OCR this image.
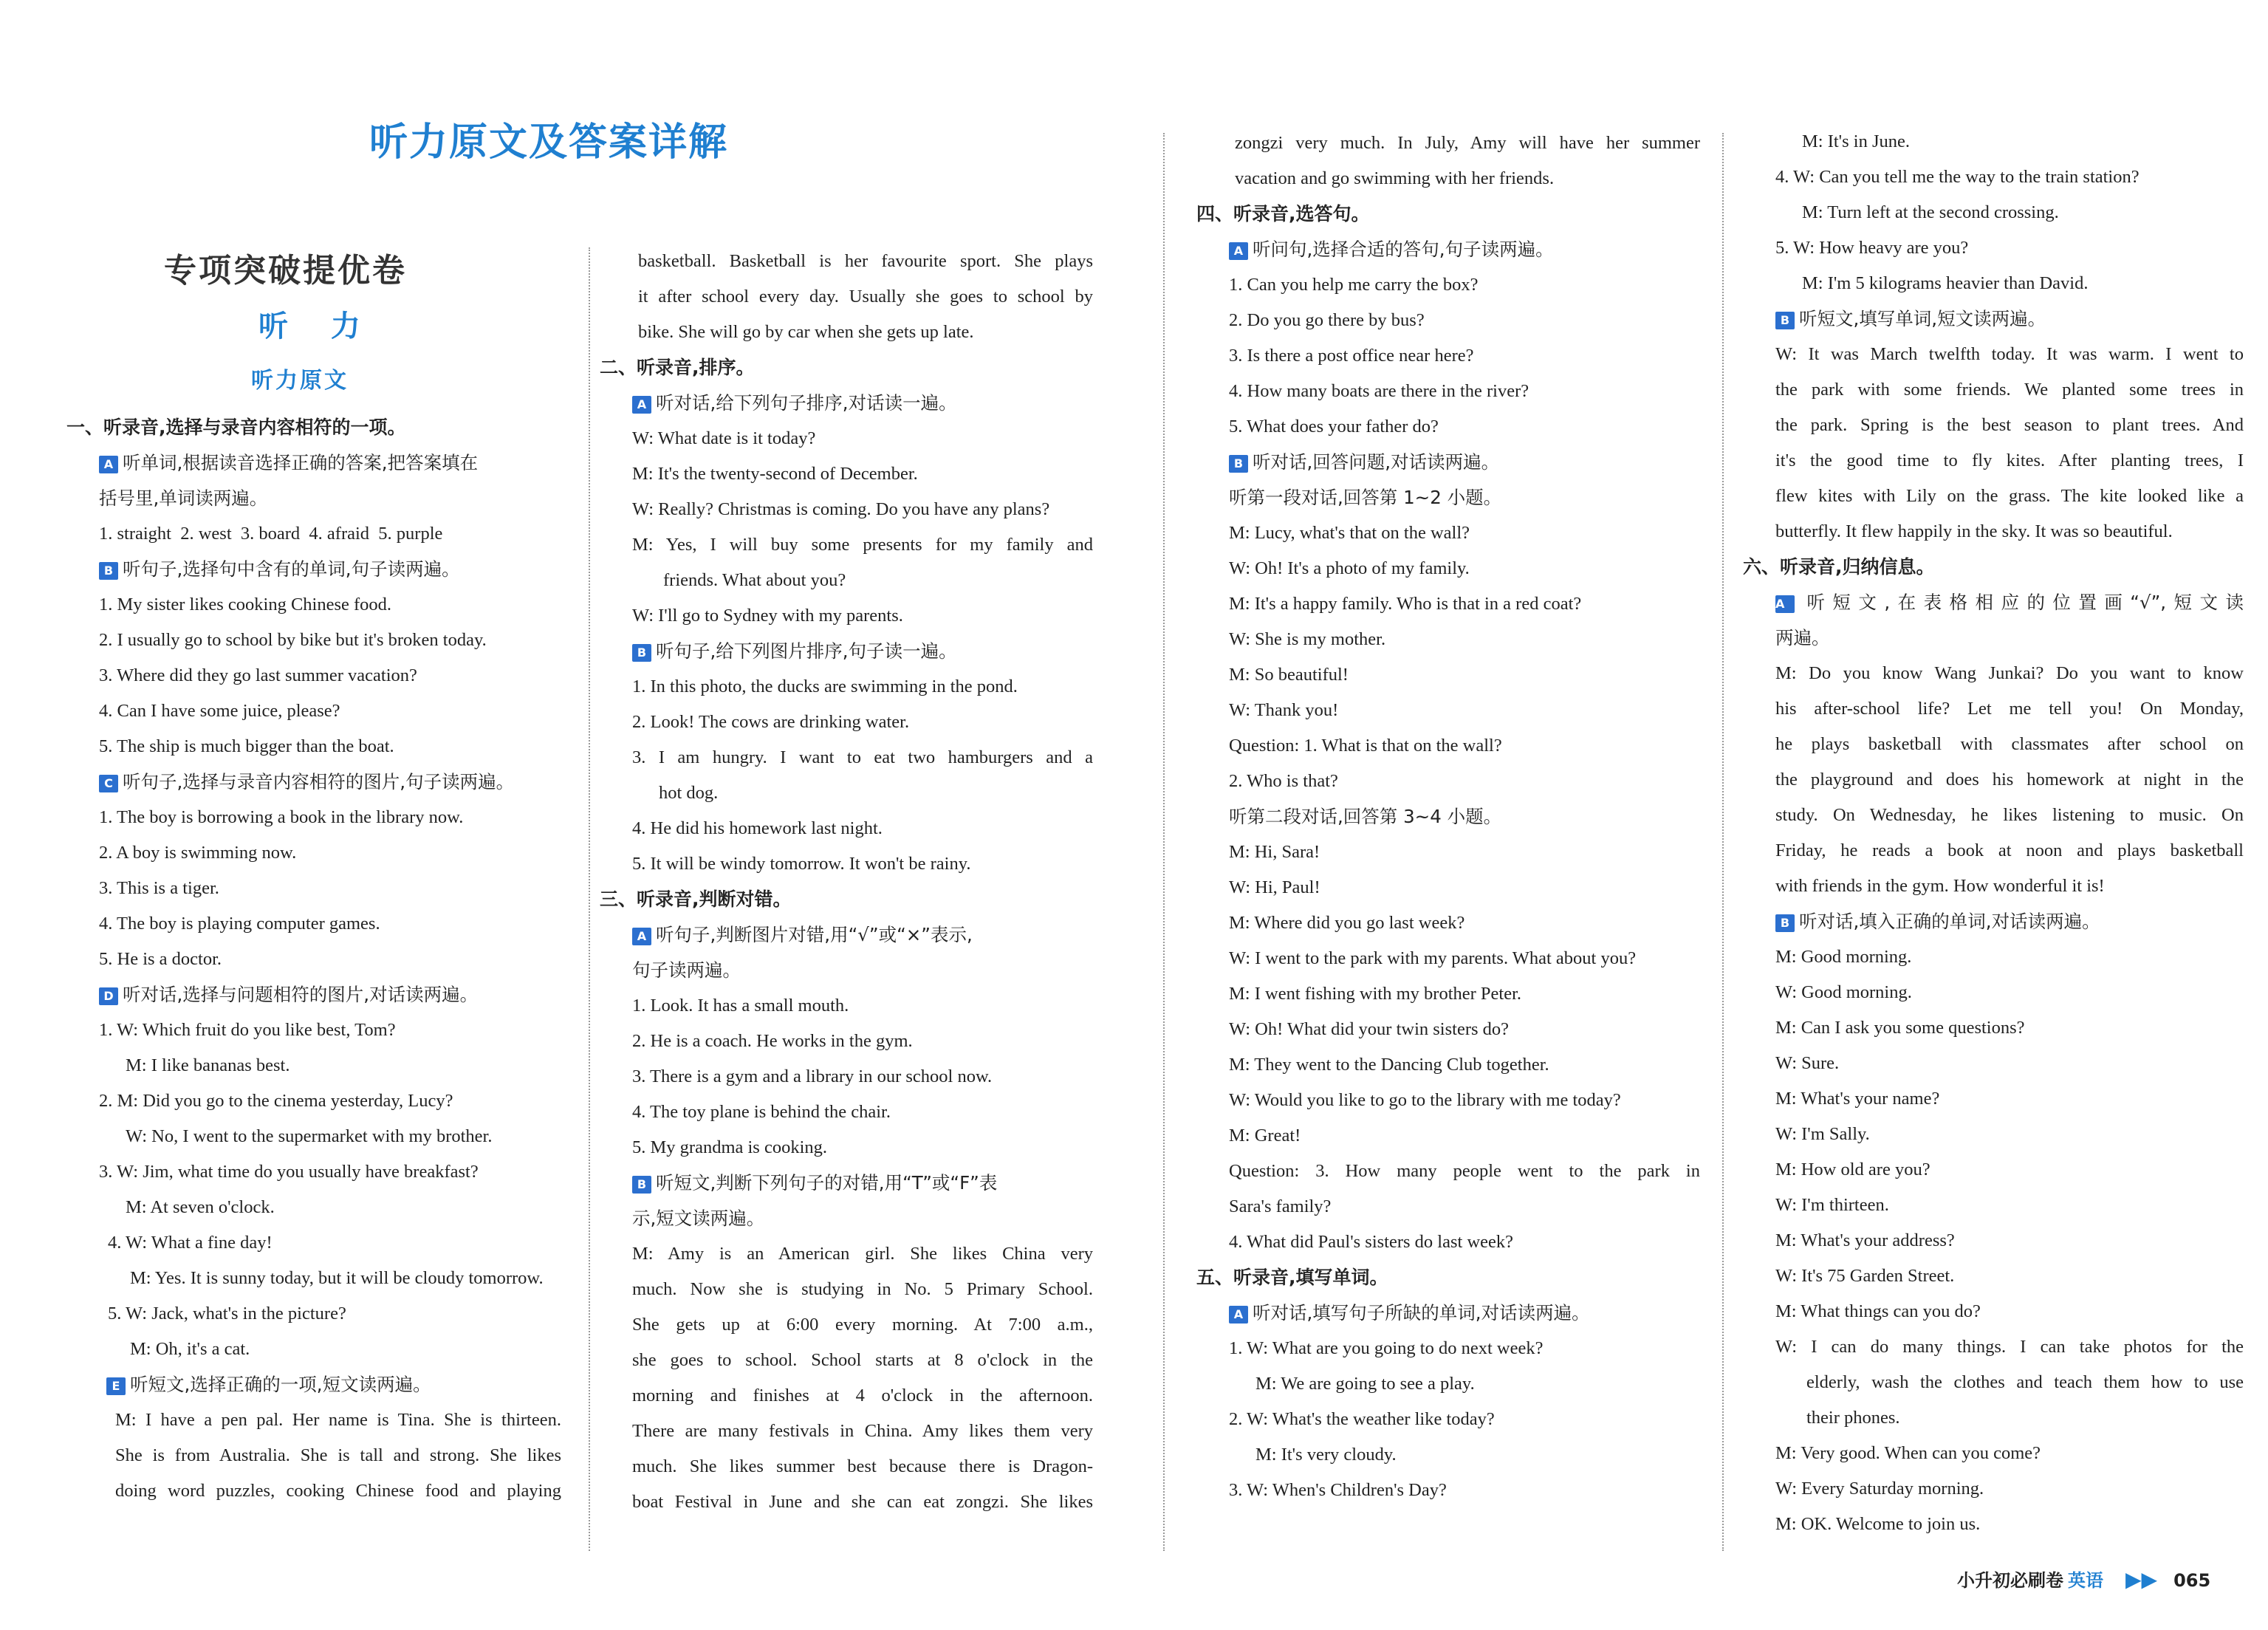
听力原文及答案详解
专项突破提优卷
听 力
听力原文
一、听录音,选择与录音内容相符的一项。
A 听单词,根据读音选择正确的答案,把答案填在
括号里,单词读两遍。
1. straight  2. west  3. board  4. afraid  5. purple
B 听句子,选择句中含有的单词,句子读两遍。
1. My sister likes cooking Chinese food.
2. I usually go to school by bike but it's broken today.
3. Where did they go last summer vacation?
4. Can I have some juice, please?
5. The ship is much bigger than the boat.
C 听句子,选择与录音内容相符的图片,句子读两遍。
1. The boy is borrowing a book in the library now.
2. A boy is swimming now.
3. This is a tiger.
4. The boy is playing computer games.
5. He is a doctor.
D 听对话,选择与问题相符的图片,对话读两遍。
1. W: Which fruit do you like best, Tom?
M: I like bananas best.
2. M: Did you go to the cinema yesterday, Lucy?
W: No, I went to the supermarket with my brother.
3. W: Jim, what time do you usually have breakfast?
M: At seven o'clock.
4. W: What a fine day!
M: Yes. It is sunny today, but it will be cloudy tomorrow.
5. W: Jack, what's in the picture?
M: Oh, it's a cat.
E 听短文,选择正确的一项,短文读两遍。
M: I have a pen pal. Her name is Tina. She is thirteen.
She is from Australia. She is tall and strong. She likes
doing word puzzles, cooking Chinese food and playing
basketball. Basketball is her favourite sport. She plays
it after school every day. Usually she goes to school by
bike. She will go by car when she gets up late.
二、听录音,排序。
A 听对话,给下列句子排序,对话读一遍。
W: What date is it today?
M: It's the twenty-second of December.
W: Really? Christmas is coming. Do you have any plans?
M: Yes, I will buy some presents for my family and
friends. What about you?
W: I'll go to Sydney with my parents.
B 听句子,给下列图片排序,句子读一遍。
1. In this photo, the ducks are swimming in the pond.
2. Look! The cows are drinking water.
3. I am hungry. I want to eat two hamburgers and a
hot dog.
4. He did his homework last night.
5. It will be windy tomorrow. It won't be rainy.
三、听录音,判断对错。
A 听句子,判断图片对错,用“√”或“×”表示,
句子读两遍。
1. Look. It has a small mouth.
2. He is a coach. He works in the gym.
3. There is a gym and a library in our school now.
4. The toy plane is behind the chair.
5. My grandma is cooking.
B 听短文,判断下列句子的对错,用“T”或“F”表
示,短文读两遍。
M: Amy is an American girl. She likes China very
much. Now she is studying in No. 5 Primary School.
She gets up at 6:00 every morning. At 7:00 a.m.,
she goes to school. School starts at 8 o'clock in the
morning and finishes at 4 o'clock in the afternoon.
There are many festivals in China. Amy likes them very
much. She likes summer best because there is Dragon-
boat Festival in June and she can eat zongzi. She likes
zongzi very much. In July, Amy will have her summer
vacation and go swimming with her friends.
四、听录音,选答句。
A 听问句,选择合适的答句,句子读两遍。
1. Can you help me carry the box?
2. Do you go there by bus?
3. Is there a post office near here?
4. How many boats are there in the river?
5. What does your father do?
B 听对话,回答问题,对话读两遍。
听第一段对话,回答第 1~2 小题。
M: Lucy, what's that on the wall?
W: Oh! It's a photo of my family.
M: It's a happy family. Who is that in a red coat?
W: She is my mother.
M: So beautiful!
W: Thank you!
Question: 1. What is that on the wall?
2. Who is that?
听第二段对话,回答第 3~4 小题。
M: Hi, Sara!
W: Hi, Paul!
M: Where did you go last week?
W: I went to the park with my parents. What about you?
M: I went fishing with my brother Peter.
W: Oh! What did your twin sisters do?
M: They went to the Dancing Club together.
W: Would you like to go to the library with me today?
M: Great!
Question: 3. How many people went to the park in
Sara's family?
4. What did Paul's sisters do last week?
五、听录音,填写单词。
A 听对话,填写句子所缺的单词,对话读两遍。
1. W: What are you going to do next week?
M: We are going to see a play.
2. W: What's the weather like today?
M: It's very cloudy.
3. W: When's Children's Day?
M: It's in June.
4. W: Can you tell me the way to the train station?
M: Turn left at the second crossing.
5. W: How heavy are you?
M: I'm 5 kilograms heavier than David.
B 听短文,填写单词,短文读两遍。
W: It was March twelfth today. It was warm. I went to
the park with some friends. We planted some trees in
the park. Spring is the best season to plant trees. And
it's the good time to fly kites. After planting trees, I
flew kites with Lily on the grass. The kite looked like a
butterfly. It flew happily in the sky. It was so beautiful.
六、听录音,归纳信息。
A 听短文,在表格相应的位置画“√”,短文读
两遍。
M: Do you know Wang Junkai? Do you want to know
his after-school life? Let me tell you! On Monday,
he plays basketball with classmates after school on
the playground and does his homework at night in the
study. On Wednesday, he likes listening to music. On
Friday, he reads a book at noon and plays basketball
with friends in the gym. How wonderful it is!
B 听对话,填入正确的单词,对话读两遍。
M: Good morning.
W: Good morning.
M: Can I ask you some questions?
W: Sure.
M: What's your name?
W: I'm Sally.
M: How old are you?
W: I'm thirteen.
M: What's your address?
W: It's 75 Garden Street.
M: What things can you do?
W: I can do many things. I can take photos for the
elderly, wash the clothes and teach them how to use
their phones.
M: Very good. When can you come?
W: Every Saturday morning.
M: OK. Welcome to join us.
小升初必刷卷 英语 ▶▶ 065
